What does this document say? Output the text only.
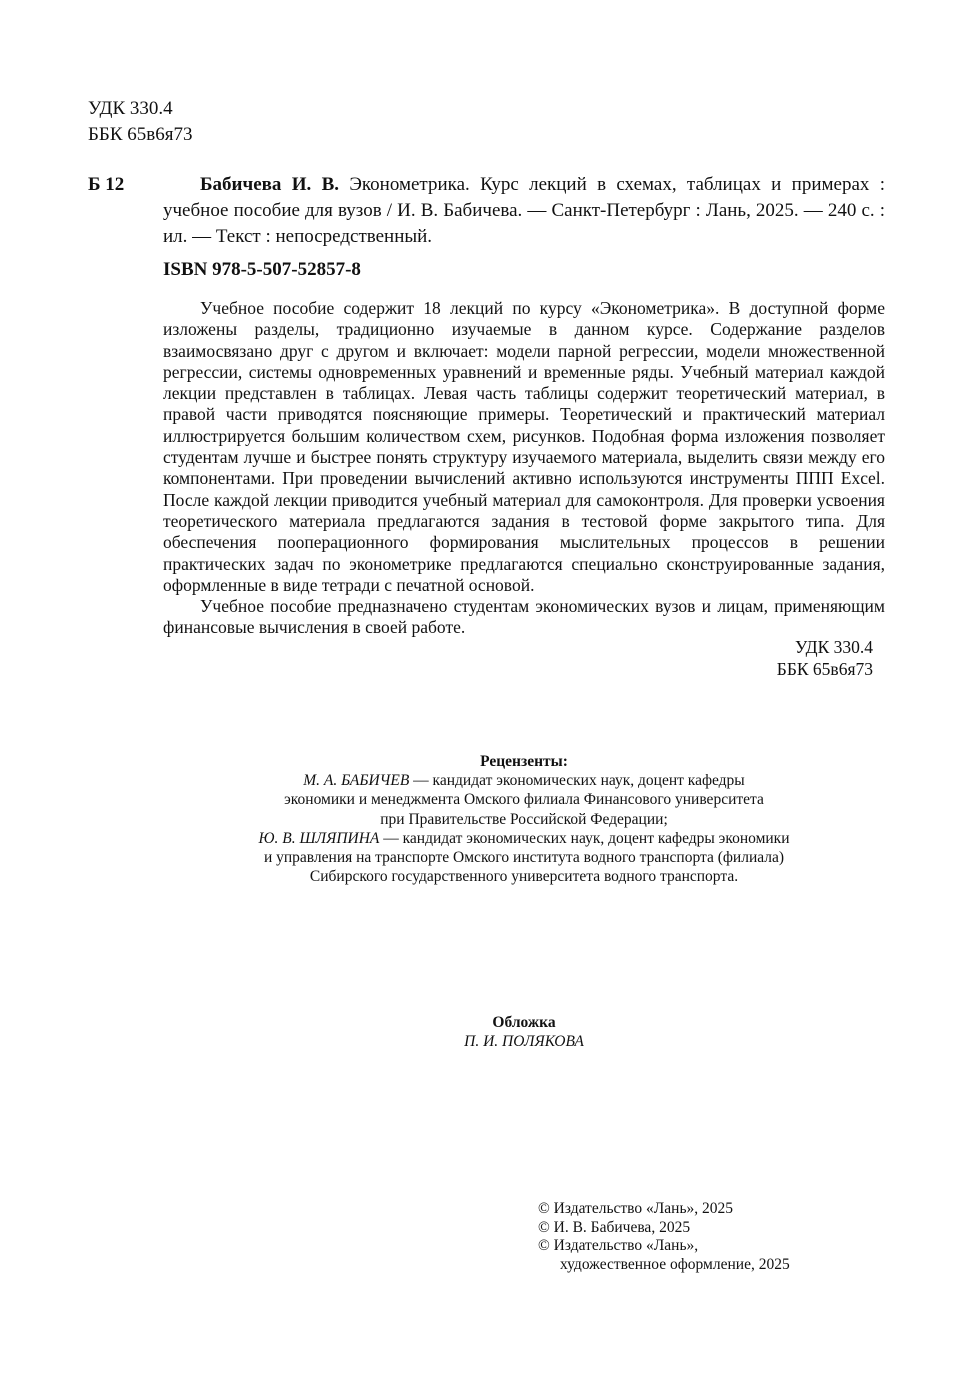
УДК 330.4
ББК 65в6я73
Б 12	Бабичева И. В. Эконометрика. Курс лекций в схемах, таблицах и примерах : учебное пособие для вузов / И. В. Бабичева. — Санкт-Петербург : Лань, 2025. — 240 с. : ил. — Текст : непосредственный.
ISBN 978-5-507-52857-8

Учебное пособие содержит 18 лекций по курсу «Эконометрика». В доступной форме изложены разделы, традиционно изучаемые в данном курсе. Содержание разделов взаимосвязано друг с другом и включает: модели парной регрессии, модели множественной регрессии, системы одновременных уравнений и временные ряды. Учебный материал каждой лекции представлен в таблицах. Левая часть таблицы содержит теоретический материал, в правой части приводятся поясняющие примеры. Теоретический и практический материал иллюстрируется большим количеством схем, рисунков. Подобная форма изложения позволяет студентам лучше и быстрее понять структуру изучаемого материала, выделить связи между его компонентами. При проведении вычислений активно используются инструменты ППП Excel. После каждой лекции приводится учебный материал для самоконтроля. Для проверки усвоения теоретического материала предлагаются задания в тестовой форме закрытого типа. Для обеспечения пооперационного формирования мыслительных процессов в решении практических задач по эконометрике предлагаются специально сконструированные задания, оформленные в виде тетради с печатной основой.

Учебное пособие предназначено студентам экономических вузов и лицам, применяющим финансовые вычисления в своей работе.

УДК 330.4
ББК 65в6я73
Рецензенты:
М. А. БАБИЧЕВ — кандидат экономических наук, доцент кафедры
экономики и менеджмента Омского филиала Финансового университета
при Правительстве Российской Федерации;
Ю. В. ШЛЯПИНА — кандидат экономических наук, доцент кафедры экономики
и управления на транспорте Омского института водного транспорта (филиала)
Сибирского государственного университета водного транспорта.
Обложка
П. И. ПОЛЯКОВА
© Издательство «Лань», 2025
© И. В. Бабичева, 2025
© Издательство «Лань»,
художественное оформление, 2025
